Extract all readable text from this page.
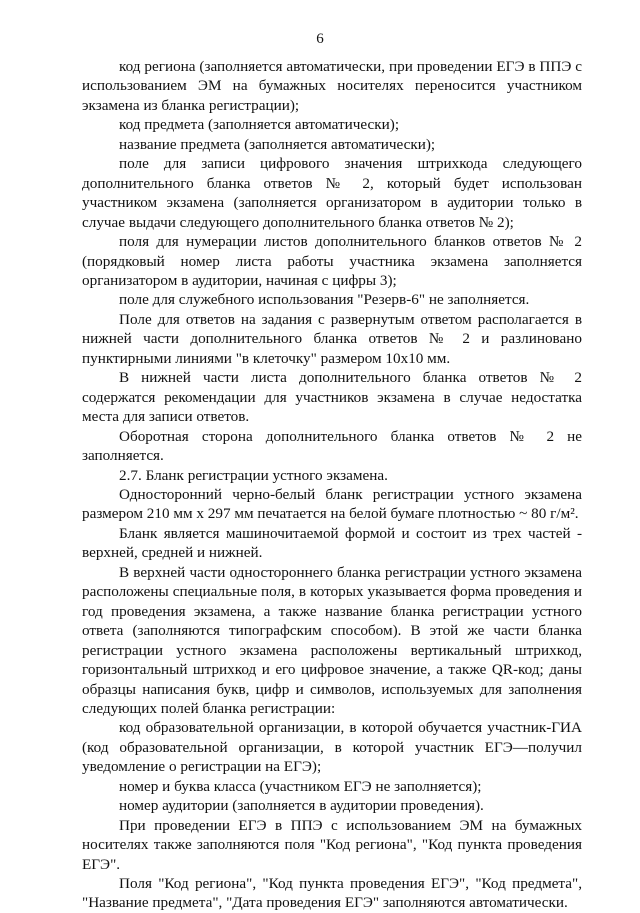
6

код региона (заполняется автоматически, при проведении ЕГЭ в ППЭ с использованием ЭМ на бумажных носителях переносится участником экзамена из бланка регистрации);

код предмета (заполняется автоматически);

название предмета (заполняется автоматически);

поле для записи цифрового значения штрихкода следующего дополнительного бланка ответов № 2, который будет использован участником экзамена (заполняется организатором в аудитории только в случае выдачи следующего дополнительного бланка ответов № 2);

поля для нумерации листов дополнительного бланков ответов № 2 (порядковый номер листа работы участника экзамена заполняется организатором в аудитории, начиная с цифры 3);

поле для служебного использования "Резерв-6" не заполняется.

Поле для ответов на задания с развернутым ответом располагается в нижней части дополнительного бланка ответов № 2 и разлиновано пунктирными линиями "в клеточку" размером 10х10 мм.

В нижней части листа дополнительного бланка ответов № 2 содержатся рекомендации для участников экзамена в случае недостатка места для записи ответов.

Оборотная сторона дополнительного бланка ответов № 2 не заполняется.

2.7. Бланк регистрации устного экзамена.

Односторонний черно-белый бланк регистрации устного экзамена размером 210 мм х 297 мм печатается на белой бумаге плотностью ~ 80 г/м².

Бланк является машиночитаемой формой и состоит из трех частей - верхней, средней и нижней.

В верхней части одностороннего бланка регистрации устного экзамена расположены специальные поля, в которых указывается форма проведения и год проведения экзамена, а также название бланка регистрации устного ответа (заполняются типографским способом). В этой же части бланка регистрации устного экзамена расположены вертикальный штрихкод, горизонтальный штрихкод и его цифровое значение, а также QR-код; даны образцы написания букв, цифр и символов, используемых для заполнения следующих полей бланка регистрации:

код образовательной организации, в которой обучается участник-ГИА (код образовательной организации, в которой участник ЕГЭ—получил уведомление о регистрации на ЕГЭ);

номер и буква класса (участником ЕГЭ не заполняется);

номер аудитории (заполняется в аудитории проведения).

При проведении ЕГЭ в ППЭ с использованием ЭМ на бумажных носителях также заполняются поля "Код региона", "Код пункта проведения ЕГЭ".

Поля "Код региона", "Код пункта проведения ЕГЭ", "Код предмета", "Название предмета", "Дата проведения ЕГЭ" заполняются автоматически.
